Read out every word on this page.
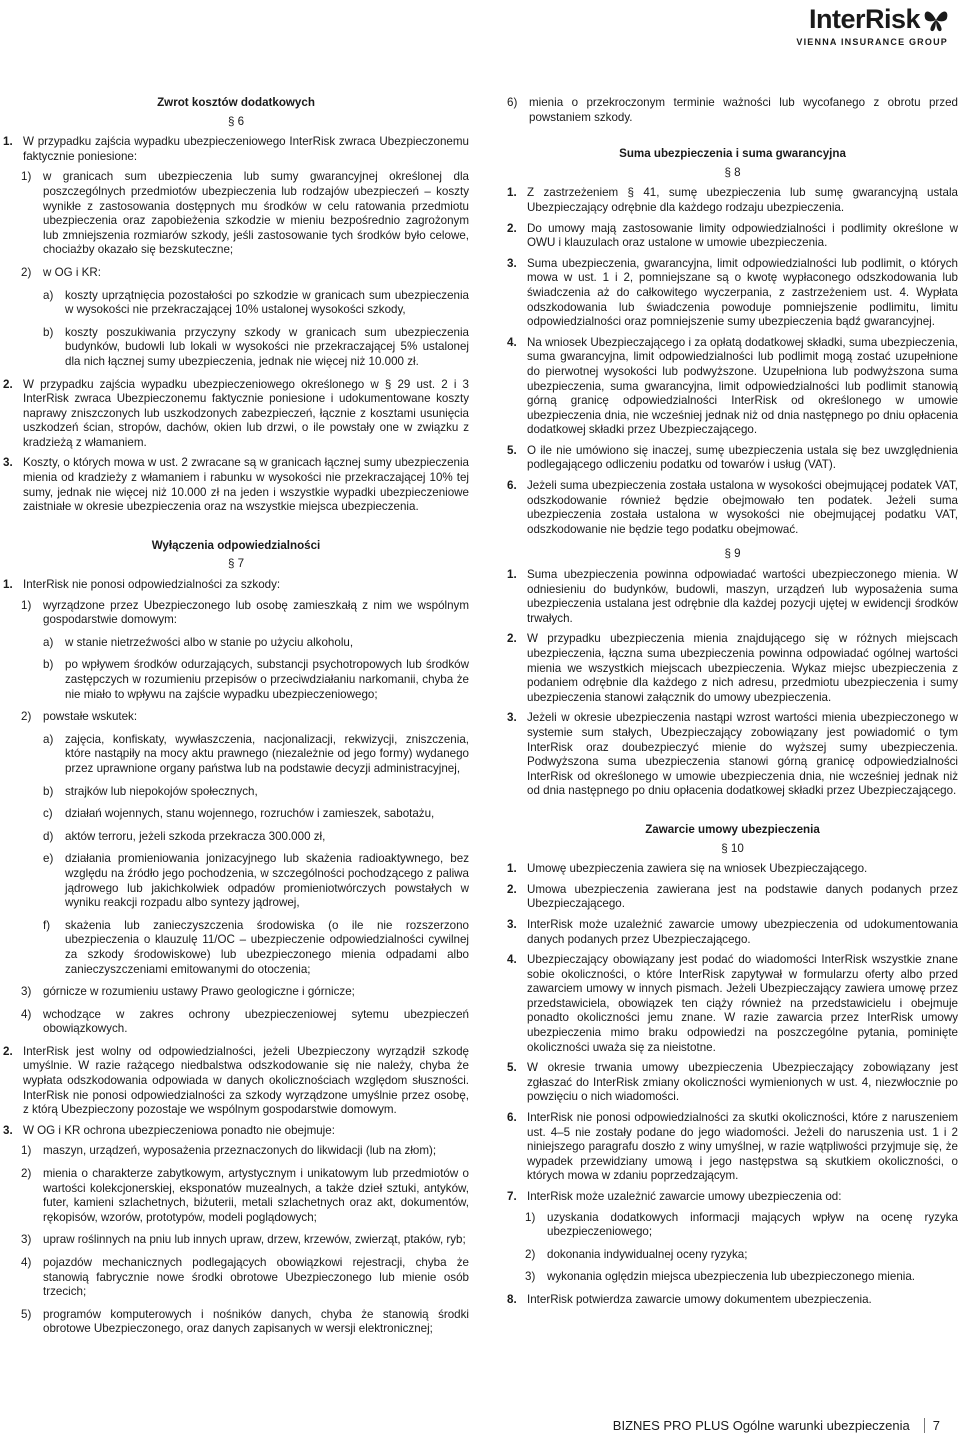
InterRisk
VIENNA INSURANCE GROUP

Zwrot kosztów dodatkowych

§ 6

1. W przypadku zajścia wypadku ubezpieczeniowego InterRisk zwraca Ubezpieczonemu faktycznie poniesione:
1)	w granicach sum ubezpieczenia lub sumy gwarancyjnej określonej dla poszczególnych przedmiotów ubezpieczenia lub rodzajów ubezpieczeń – koszty wynikłe z zastosowania dostępnych mu środków w celu ratowania przedmiotu ubezpieczenia oraz zapobieżenia szkodzie w mieniu bezpośrednio zagrożonym lub zmniejszenia rozmiarów szkody, jeśli zastosowanie tych środków było celowe, chociażby okazało się bezskuteczne;
2)	w OG i KR:
a)	koszty uprzątnięcia pozostałości po szkodzie w granicach sum ubezpieczenia w wysokości nie przekraczającej 10% ustalonej wysokości szkody,
b)	koszty poszukiwania przyczyny szkody w granicach sum ubezpieczenia budynków, budowli lub lokali w wysokości nie przekraczającej 5% ustalonej dla nich łącznej sumy ubezpieczenia, jednak nie więcej niż 10.000 zł.
2. W przypadku zajścia wypadku ubezpieczeniowego określonego w § 29 ust. 2 i 3 InterRisk zwraca Ubezpieczonemu faktycznie poniesione i udokumentowane koszty naprawy zniszczonych lub uszkodzonych zabezpieczeń, łącznie z kosztami usunięcia uszkodzeń ścian, stropów, dachów, okien lub drzwi, o ile powstały one w związku z kradzieżą z włamaniem.
3. Koszty, o których mowa w ust. 2 zwracane są w granicach łącznej sumy ubezpieczenia mienia od kradzieży z włamaniem i rabunku w wysokości nie przekraczającej 10% tej sumy, jednak nie więcej niż 10.000 zł na jeden i wszystkie wypadki ubezpieczeniowe zaistniałe w okresie ubezpieczenia oraz na wszystkie miejsca ubezpieczenia.

Wyłączenia odpowiedzialności

§ 7

1. InterRisk nie ponosi odpowiedzialności za szkody:
1)	wyrządzone przez Ubezpieczonego lub osobę zamieszkałą z nim we wspólnym gospodarstwie domowym:
a)	w stanie nietrzeźwości albo w stanie po użyciu alkoholu,
b)	po wpływem środków odurzających, substancji psychotropowych lub środków zastępczych w rozumieniu przepisów o przeciwdziałaniu narkomanii, chyba że nie miało to wpływu na zajście wypadku ubezpieczeniowego;
2)	powstałe wskutek:
a)	zajęcia, konfiskaty, wywłaszczenia, nacjonalizacji, rekwizycji, zniszczenia, które nastąpiły na mocy aktu prawnego (niezależnie od jego formy) wydanego przez uprawnione organy państwa lub na podstawie decyzji administracyjnej,
b)	strajków lub niepokojów społecznych,
c)	działań wojennych, stanu wojennego, rozruchów i zamieszek, sabotażu,
d)	aktów terroru, jeżeli szkoda przekracza 300.000 zł,
e)	działania promieniowania jonizacyjnego lub skażenia radioaktywnego, bez względu na źródło jego pochodzenia, w szczególności pochodzącego z paliwa jądrowego lub jakichkolwiek odpadów promieniotwórczych powstałych w wyniku reakcji rozpadu albo syntezy jądrowej,
f)	skażenia lub zanieczyszczenia środowiska (o ile nie rozszerzono ubezpieczenia o klauzulę 11/OC – ubezpieczenie odpowiedzialności cywilnej za szkody środowiskowe) lub ubezpieczonego mienia odpadami albo zanieczyszczeniami emitowanymi do otoczenia;
3)	górnicze w rozumieniu ustawy Prawo geologiczne i górnicze;
4)	wchodzące w zakres ochrony ubezpieczeniowej sytemu ubezpieczeń obowiązkowych.
2. InterRisk jest wolny od odpowiedzialności, jeżeli Ubezpieczony wyrządził szkodę umyślnie. W razie rażącego niedbalstwa odszkodowanie się nie należy, chyba że wypłata odszkodowania odpowiada w danych okolicznościach względom słuszności. InterRisk nie ponosi odpowiedzialności za szkody wyrządzone umyślnie przez osobę, z którą Ubezpieczony pozostaje we wspólnym gospodarstwie domowym.
3. W OG i KR ochrona ubezpieczeniowa ponadto nie obejmuje:
1)	maszyn, urządzeń, wyposażenia przeznaczonych do likwidacji (lub na złom);
2)	mienia o charakterze zabytkowym, artystycznym i unikatowym lub przedmiotów o wartości kolekcjonerskiej, eksponatów muzealnych, a także dzieł sztuki, antyków, futer, kamieni szlachetnych, biżuterii, metali szlachetnych oraz akt, dokumentów, rękopisów, wzorów, prototypów, modeli poglądowych;
3)	upraw roślinnych na pniu lub innych upraw, drzew, krzewów, zwierząt, ptaków, ryb;
4)	pojazdów mechanicznych podlegających obowiązkowi rejestracji, chyba że stanowią fabrycznie nowe środki obrotowe Ubezpieczonego lub mienie osób trzecich;
5)	programów komputerowych i nośników danych, chyba że stanowią środki obrotowe Ubezpieczonego, oraz danych zapisanych w wersji elektronicznej;
6)	mienia o przekroczonym terminie ważności lub wycofanego z obrotu przed powstaniem szkody.

Suma ubezpieczenia i suma gwarancyjna

§ 8

1. Z zastrzeżeniem § 41, sumę ubezpieczenia lub sumę gwarancyjną ustala Ubezpieczający odrębnie dla każdego rodzaju ubezpieczenia.
2. Do umowy mają zastosowanie limity odpowiedzialności i podlimity określone w OWU i klauzulach oraz ustalone w umowie ubezpieczenia.
3. Suma ubezpieczenia, gwarancyjna, limit odpowiedzialności lub podlimit, o których mowa w ust. 1 i 2, pomniejszane są o kwotę wypłaconego odszkodowania lub świadczenia aż do całkowitego wyczerpania, z zastrzeżeniem ust. 4. Wypłata odszkodowania lub świadczenia powoduje pomniejszenie podlimitu, limitu odpowiedzialności oraz pomniejszenie sumy ubezpieczenia bądź gwarancyjnej.
4. Na wniosek Ubezpieczającego i za opłatą dodatkowej składki, suma ubezpieczenia, suma gwarancyjna, limit odpowiedzialności lub podlimit mogą zostać uzupełnione do pierwotnej wysokości lub podwyższone. Uzupełniona lub podwyższona suma ubezpieczenia, suma gwarancyjna, limit odpowiedzialności lub podlimit stanowią górną granicę odpowiedzialności InterRisk od określonego w umowie ubezpieczenia dnia, nie wcześniej jednak niż od dnia następnego po dniu opłacenia dodatkowej składki przez Ubezpieczającego.
5. O ile nie umówiono się inaczej, sumę ubezpieczenia ustala się bez uwzględnienia podlegającego odliczeniu podatku od towarów i usług (VAT).
6. Jeżeli suma ubezpieczenia została ustalona w wysokości obejmującej podatek VAT, odszkodowanie również będzie obejmowało ten podatek. Jeżeli suma ubezpieczenia została ustalona w wysokości nie obejmującej podatku VAT, odszkodowanie nie będzie tego podatku obejmować.

§ 9

1. Suma ubezpieczenia powinna odpowiadać wartości ubezpieczonego mienia. W odniesieniu do budynków, budowli, maszyn, urządzeń lub wyposażenia suma ubezpieczenia ustalana jest odrębnie dla każdej pozycji ujętej w ewidencji środków trwałych.
2. W przypadku ubezpieczenia mienia znajdującego się w różnych miejscach ubezpieczenia, łączna suma ubezpieczenia powinna odpowiadać ogólnej wartości mienia we wszystkich miejscach ubezpieczenia. Wykaz miejsc ubezpieczenia z podaniem odrębnie dla każdego z nich adresu, przedmiotu ubezpieczenia i sumy ubezpieczenia stanowi załącznik do umowy ubezpieczenia.
3. Jeżeli w okresie ubezpieczenia nastąpi wzrost wartości mienia ubezpieczonego w systemie sum stałych, Ubezpieczający zobowiązany jest powiadomić o tym InterRisk oraz doubezpieczyć mienie do wyższej sumy ubezpieczenia. Podwyższona suma ubezpieczenia stanowi górną granicę odpowiedzialności InterRisk od określonego w umowie ubezpieczenia dnia, nie wcześniej jednak niż od dnia następnego po dniu opłacenia dodatkowej składki przez Ubezpieczającego.

Zawarcie umowy ubezpieczenia

§ 10

1. Umowę ubezpieczenia zawiera się na wniosek Ubezpieczającego.
2. Umowa ubezpieczenia zawierana jest na podstawie danych podanych przez Ubezpieczającego.
3. InterRisk może uzależnić zawarcie umowy ubezpieczenia od udokumentowania danych podanych przez Ubezpieczającego.
4. Ubezpieczający obowiązany jest podać do wiadomości InterRisk wszystkie znane sobie okoliczności, o które InterRisk zapytywał w formularzu oferty albo przed zawarciem umowy w innych pismach. Jeżeli Ubezpieczający zawiera umowę przez przedstawiciela, obowiązek ten ciąży również na przedstawicielu i obejmuje ponadto okoliczności jemu znane. W razie zawarcia przez InterRisk umowy ubezpieczenia mimo braku odpowiedzi na poszczególne pytania, pominięte okoliczności uważa się za nieistotne.
5. W okresie trwania umowy ubezpieczenia Ubezpieczający zobowiązany jest zgłaszać do InterRisk zmiany okoliczności wymienionych w ust. 4, niezwłocznie po powzięciu o nich wiadomości.
6. InterRisk nie ponosi odpowiedzialności za skutki okoliczności, które z naruszeniem ust. 4–5 nie zostały podane do jego wiadomości. Jeżeli do naruszenia ust. 1 i 2 niniejszego paragrafu doszło z winy umyślnej, w razie wątpliwości przyjmuje się, że wypadek przewidziany umową i jego następstwa są skutkiem okoliczności, o których mowa w zdaniu poprzedzającym.
7. InterRisk może uzależnić zawarcie umowy ubezpieczenia od:
1)	uzyskania dodatkowych informacji mających wpływ na ocenę ryzyka ubezpieczeniowego;
2)	dokonania indywidualnej oceny ryzyka;
3)	wykonania oględzin miejsca ubezpieczenia lub ubezpieczonego mienia.
8. InterRisk potwierdza zawarcie umowy dokumentem ubezpieczenia.
BIZNES PRO PLUS Ogólne warunki ubezpieczenia 7
